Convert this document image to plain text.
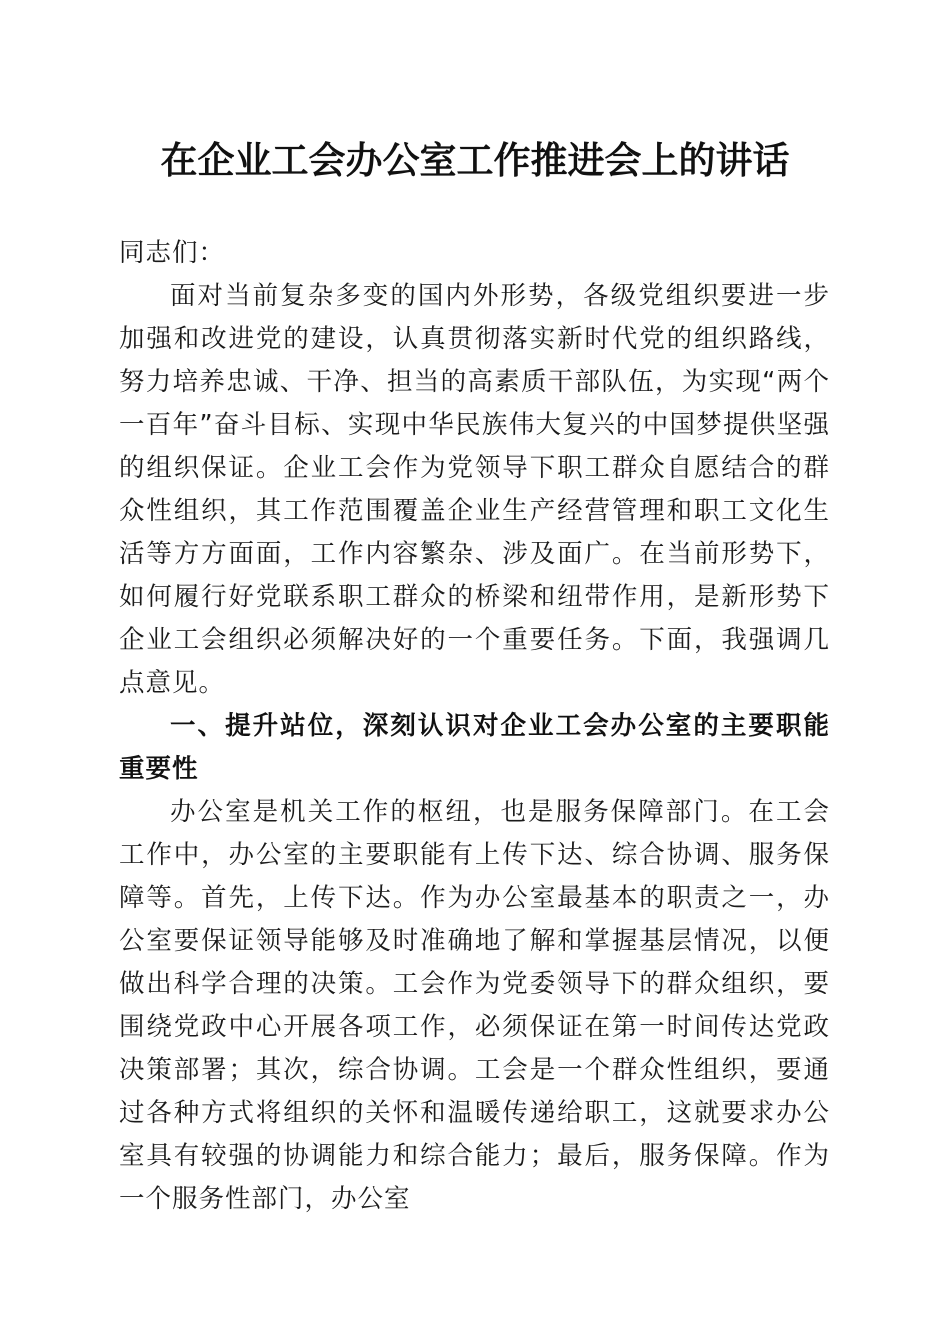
在企业工会办公室工作推进会上的讲话

同志们：

面对当前复杂多变的国内外形势，各级党组织要进一步加强和改进党的建设，认真贯彻落实新时代党的组织路线，努力培养忠诚、干净、担当的高素质干部队伍，为实现“两个一百年”奋斗目标、实现中华民族伟大复兴的中国梦提供坚强的组织保证。企业工会作为党领导下职工群众自愿结合的群众性组织，其工作范围覆盖企业生产经营管理和职工文化生活等方方面面，工作内容繁杂、涉及面广。在当前形势下，如何履行好党联系职工群众的桥梁和纽带作用，是新形势下企业工会组织必须解决好的一个重要任务。下面，我强调几点意见。

一、提升站位，深刻认识对企业工会办公室的主要职能重要性

办公室是机关工作的枢纽，也是服务保障部门。在工会工作中，办公室的主要职能有上传下达、综合协调、服务保障等。首先，上传下达。作为办公室最基本的职责之一，办公室要保证领导能够及时准确地了解和掌握基层情况，以便做出科学合理的决策。工会作为党委领导下的群众组织，要围绕党政中心开展各项工作，必须保证在第一时间传达党政决策部署；其次，综合协调。工会是一个群众性组织，要通过各种方式将组织的关怀和温暖传递给职工，这就要求办公室具有较强的协调能力和综合能力；最后，服务保障。作为一个服务性部门，办公室
